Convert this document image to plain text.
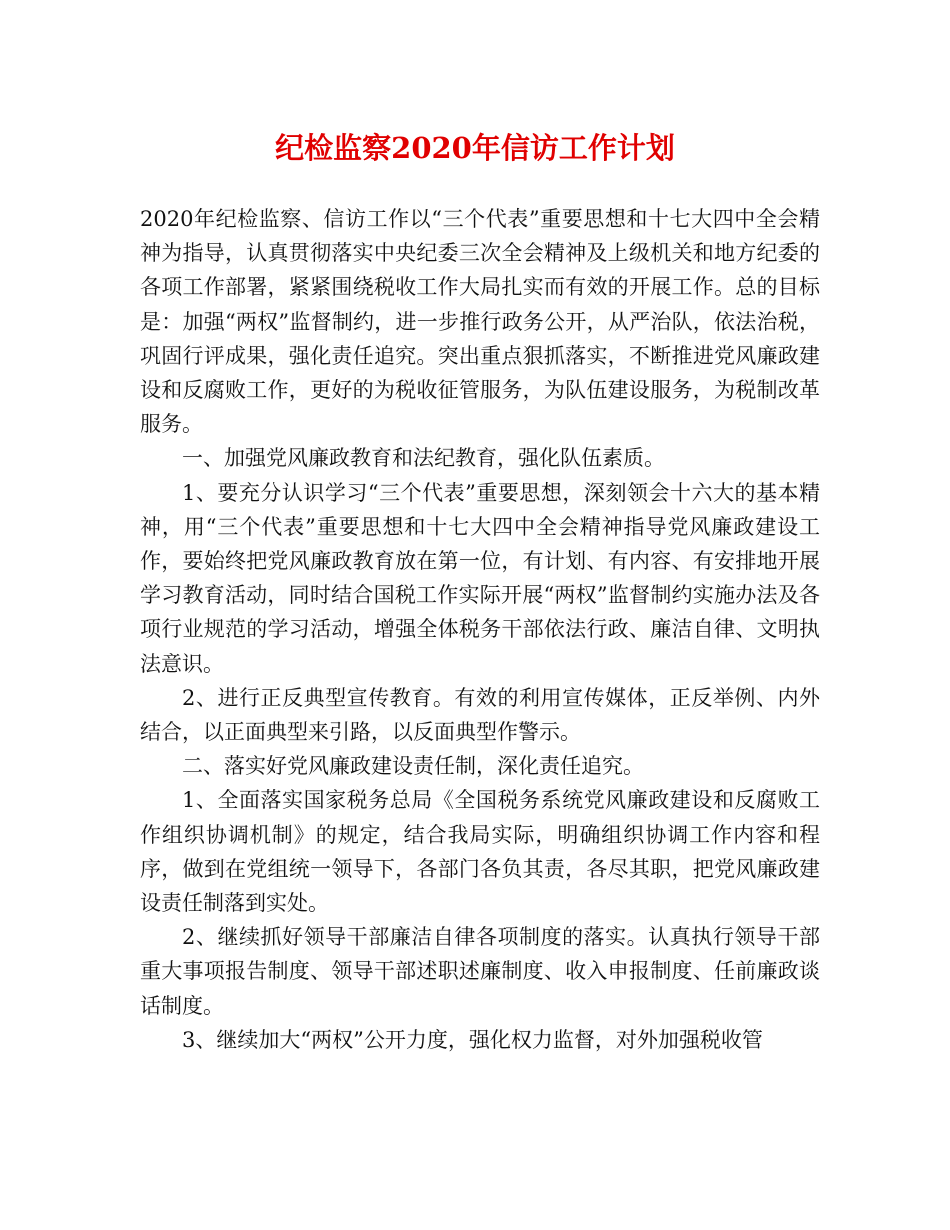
纪检监察2020年信访工作计划

2020年纪检监察、信访工作以“三个代表”重要思想和十七大四中全会精神为指导，认真贯彻落实中央纪委三次全会精神及上级机关和地方纪委的各项工作部署，紧紧围绕税收工作大局扎实而有效的开展工作。总的目标是：加强“两权”监督制约，进一步推行政务公开，从严治队，依法治税，巩固行评成果，强化责任追究。突出重点狠抓落实，不断推进党风廉政建设和反腐败工作，更好的为税收征管服务，为队伍建设服务，为税制改革服务。

一、加强党风廉政教育和法纪教育，强化队伍素质。

1、要充分认识学习“三个代表”重要思想，深刻领会十六大的基本精神，用“三个代表”重要思想和十七大四中全会精神指导党风廉政建设工作，要始终把党风廉政教育放在第一位，有计划、有内容、有安排地开展学习教育活动，同时结合国税工作实际开展“两权”监督制约实施办法及各项行业规范的学习活动，增强全体税务干部依法行政、廉洁自律、文明执法意识。

2、进行正反典型宣传教育。有效的利用宣传媒体，正反举例、内外结合，以正面典型来引路，以反面典型作警示。

二、落实好党风廉政建设责任制，深化责任追究。

1、全面落实国家税务总局《全国税务系统党风廉政建设和反腐败工作组织协调机制》的规定，结合我局实际，明确组织协调工作内容和程序，做到在党组统一领导下，各部门各负其责，各尽其职，把党风廉政建设责任制落到实处。

2、继续抓好领导干部廉洁自律各项制度的落实。认真执行领导干部重大事项报告制度、领导干部述职述廉制度、收入申报制度、任前廉政谈话制度。

3、继续加大“两权”公开力度，强化权力监督，对外加强税收管
